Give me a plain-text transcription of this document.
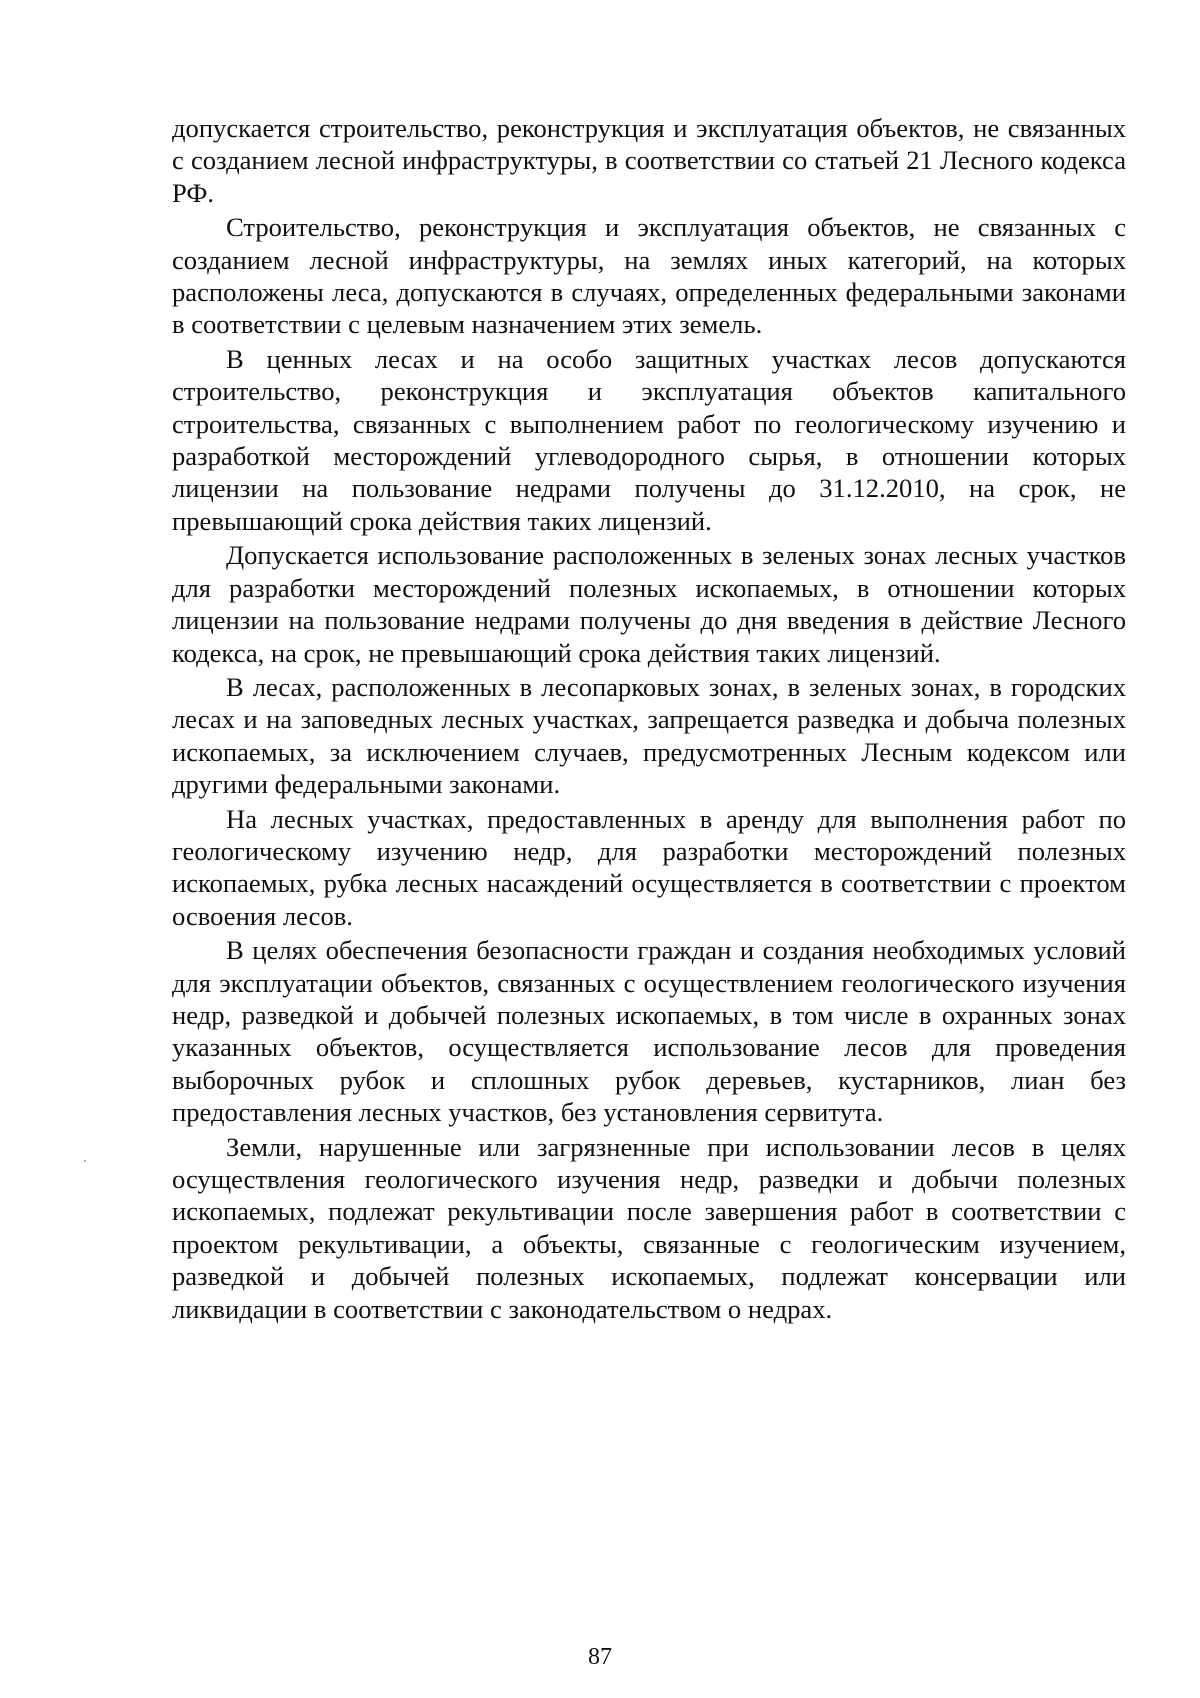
допускается строительство, реконструкция и эксплуатация объектов, не связанных с созданием лесной инфраструктуры, в соответствии со статьей 21 Лесного кодекса РФ.

Строительство, реконструкция и эксплуатация объектов, не связанных с созданием лесной инфраструктуры, на землях иных категорий, на которых расположены леса, допускаются в случаях, определенных федеральными законами в соответствии с целевым назначением этих земель.

В ценных лесах и на особо защитных участках лесов допускаются строительство, реконструкция и эксплуатация объектов капитального строительства, связанных с выполнением работ по геологическому изучению и разработкой месторождений углеводородного сырья, в отношении которых лицензии на пользование недрами получены до 31.12.2010, на срок, не превышающий срока действия таких лицензий.

Допускается использование расположенных в зеленых зонах лесных участков для разработки месторождений полезных ископаемых, в отношении которых лицензии на пользование недрами получены до дня введения в действие Лесного кодекса, на срок, не превышающий срока действия таких лицензий.

В лесах, расположенных в лесопарковых зонах, в зеленых зонах, в городских лесах и на заповедных лесных участках, запрещается разведка и добыча полезных ископаемых, за исключением случаев, предусмотренных Лесным кодексом или другими федеральными законами.

На лесных участках, предоставленных в аренду для выполнения работ по геологическому изучению недр, для разработки месторождений полезных ископаемых, рубка лесных насаждений осуществляется в соответствии с проектом освоения лесов.

В целях обеспечения безопасности граждан и создания необходимых условий для эксплуатации объектов, связанных с осуществлением геологического изучения недр, разведкой и добычей полезных ископаемых, в том числе в охранных зонах указанных объектов, осуществляется использование лесов для проведения выборочных рубок и сплошных рубок деревьев, кустарников, лиан без предоставления лесных участков, без установления сервитута.

Земли, нарушенные или загрязненные при использовании лесов в целях осуществления геологического изучения недр, разведки и добычи полезных ископаемых, подлежат рекультивации после завершения работ в соответствии с проектом рекультивации, а объекты, связанные с геологическим изучением, разведкой и добычей полезных ископаемых, подлежат консервации или ликвидации в соответствии с законодательством о недрах.

87
